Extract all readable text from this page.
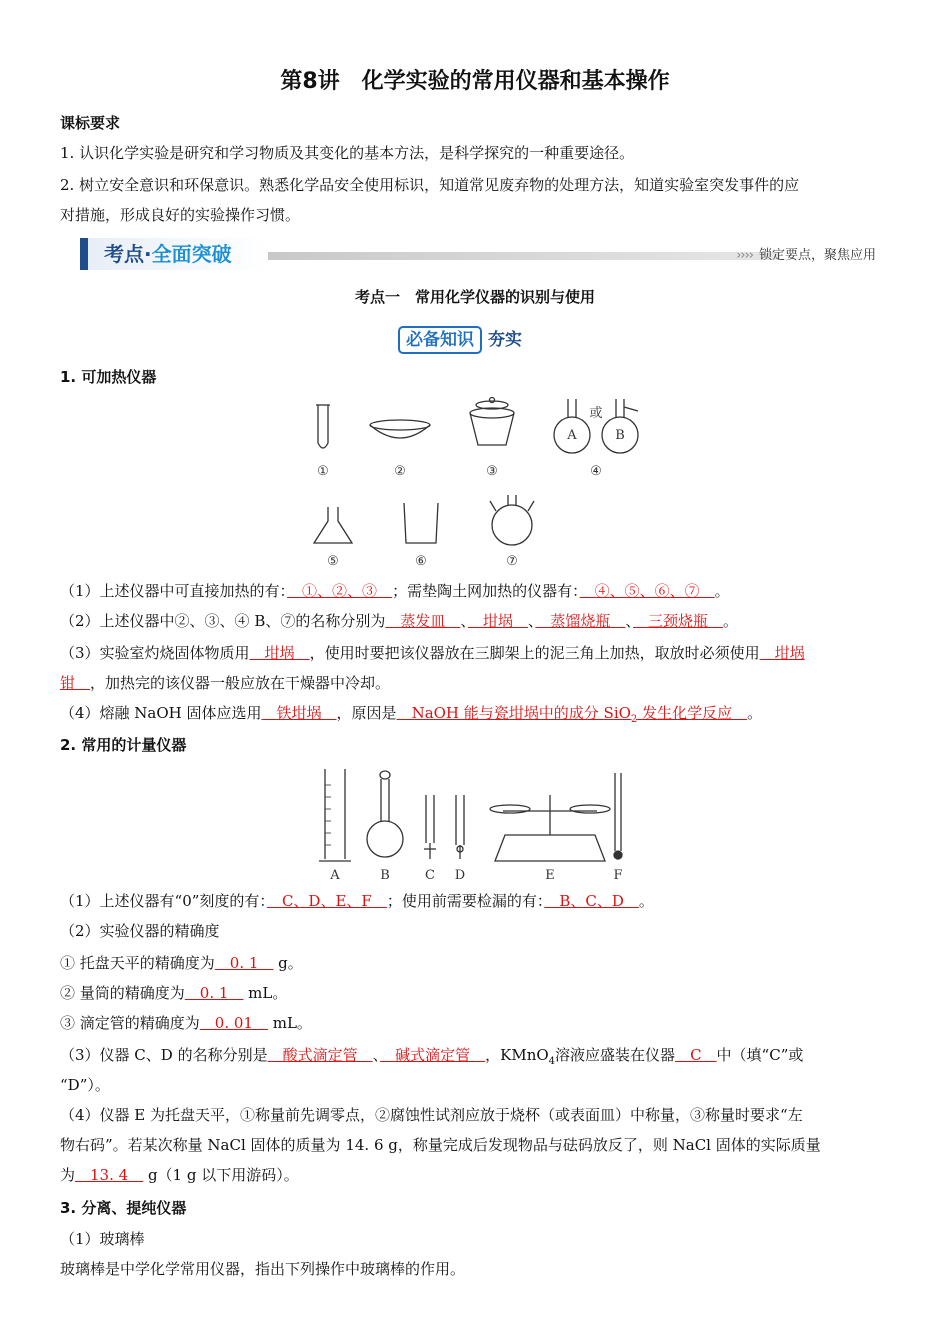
第8讲　化学实验的常用仪器和基本操作
课标要求
1. 认识化学实验是研究和学习物质及其变化的基本方法，是科学探究的一种重要途径。
2. 树立安全意识和环保意识。熟悉化学品安全使用标识，知道常见废弃物的处理方法，知道实验室突发事件的应
对措施，形成良好的实验操作习惯。
考点·全面突破	›››› 锁定要点，聚焦应用
考点一　常用化学仪器的识别与使用
必备知识 夯实
1. 可加热仪器
A	B
或
①	②	③	④
⑤	⑥	⑦
（1）上述仪器中可直接加热的有：　①、②、③　；需垫陶土网加热的仪器有：　④、⑤、⑥、⑦　。
（2）上述仪器中②、③、④ B、⑦的名称分别为　蒸发皿　、　坩埚　、　蒸馏烧瓶　、　三颈烧瓶　。
（3）实验室灼烧固体物质用　坩埚　，使用时要把该仪器放在三脚架上的泥三角上加热，取放时必须使用　坩埚
钳　，加热完的该仪器一般应放在干燥器中冷却。
（4）熔融 NaOH 固体应选用　铁坩埚　，原因是　NaOH 能与瓷坩埚中的成分 SiO$_2$ 发生化学反应　。
2. 常用的计量仪器
A	B	C D	E	F
（1）上述仪器有“0”刻度的有：　C、D、E、F　；使用前需要检漏的有：　B、C、D　。
（2）实验仪器的精确度
① 托盘天平的精确度为　0. 1　 g。
② 量筒的精确度为　0. 1　 mL。
③ 滴定管的精确度为　0. 01　 mL。
（3）仪器 C、D 的名称分别是　酸式滴定管　、　碱式滴定管　，KMnO$_4$溶液应盛装在仪器　C　中（填“C”或
“D”）。
（4）仪器 E 为托盘天平，①称量前先调零点，②腐蚀性试剂应放于烧杯（或表面皿）中称量，③称量时要求“左
物右码”。若某次称量 NaCl 固体的质量为 14. 6 g，称量完成后发现物品与砝码放反了，则 NaCl 固体的实际质量
为　13. 4　 g（1 g 以下用游码）。
3. 分离、提纯仪器
（1）玻璃棒
玻璃棒是中学化学常用仪器，指出下列操作中玻璃棒的作用。
